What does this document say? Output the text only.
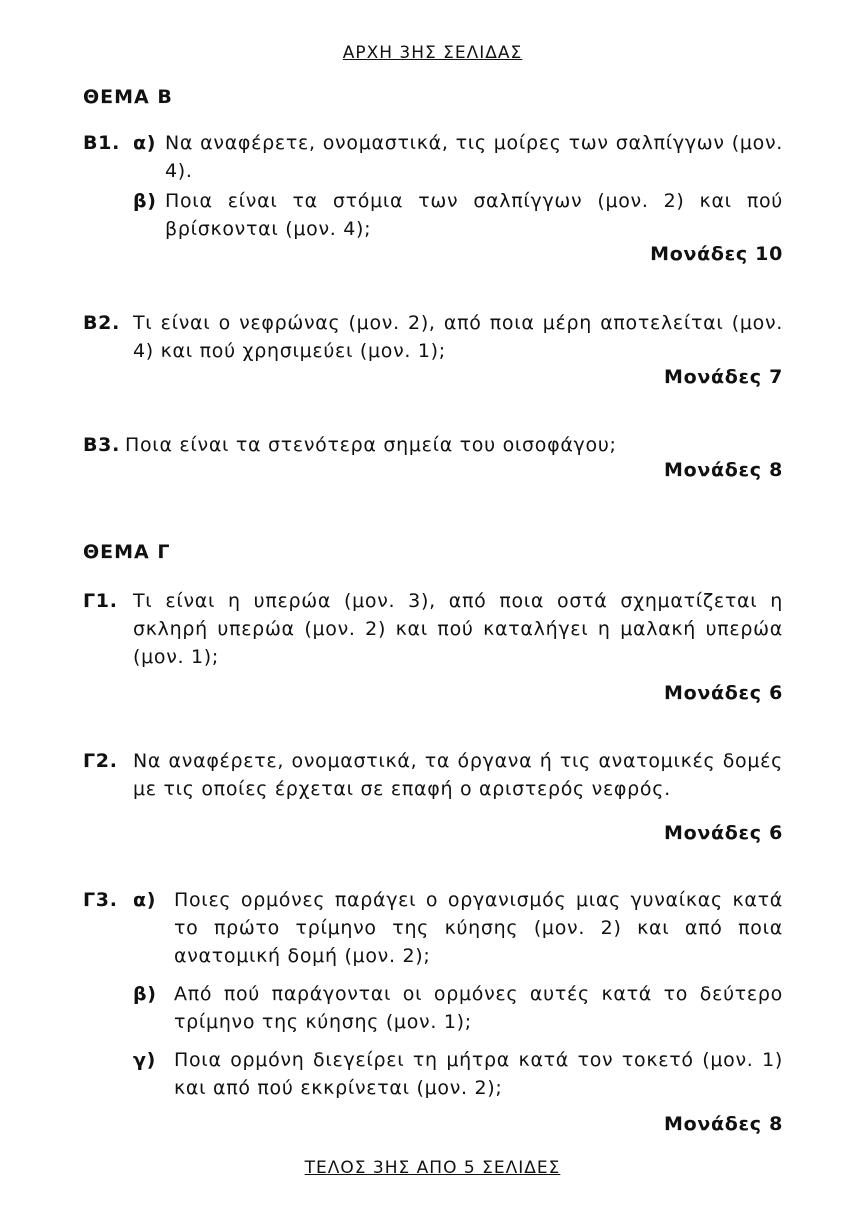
ΑΡΧΗ 3ΗΣ ΣΕΛΙΔΑΣ
ΘΕΜΑ Β
Β1. α) Να αναφέρετε, ονομαστικά, τις μοίρες των σαλπίγγων (μον. 4).
β) Ποια είναι τα στόμια των σαλπίγγων (μον. 2) και πού βρίσκονται (μον. 4);
Μονάδες 10
Β2. Τι είναι ο νεφρώνας (μον. 2), από ποια μέρη αποτελείται (μον. 4) και πού χρησιμεύει (μον. 1);
Μονάδες 7
Β3. Ποια είναι τα στενότερα σημεία του οισοφάγου;
Μονάδες 8
ΘΕΜΑ Γ
Γ1. Τι είναι η υπερώα (μον. 3), από ποια οστά σχηματίζεται η σκληρή υπερώα (μον. 2) και πού καταλήγει η μαλακή υπερώα (μον. 1);
Μονάδες 6
Γ2. Να αναφέρετε, ονομαστικά, τα όργανα ή τις ανατομικές δομές με τις οποίες έρχεται σε επαφή ο αριστερός νεφρός.
Μονάδες 6
Γ3. α) Ποιες ορμόνες παράγει ο οργανισμός μιας γυναίκας κατά το πρώτο τρίμηνο της κύησης (μον. 2) και από ποια ανατομική δομή (μον. 2);
β) Από πού παράγονται οι ορμόνες αυτές κατά το δεύτερο τρίμηνο της κύησης (μον. 1);
γ) Ποια ορμόνη διεγείρει τη μήτρα κατά τον τοκετό (μον. 1) και από πού εκκρίνεται (μον. 2);
Μονάδες 8
ΤΕΛΟΣ 3ΗΣ ΑΠΟ 5 ΣΕΛΙΔΕΣ
